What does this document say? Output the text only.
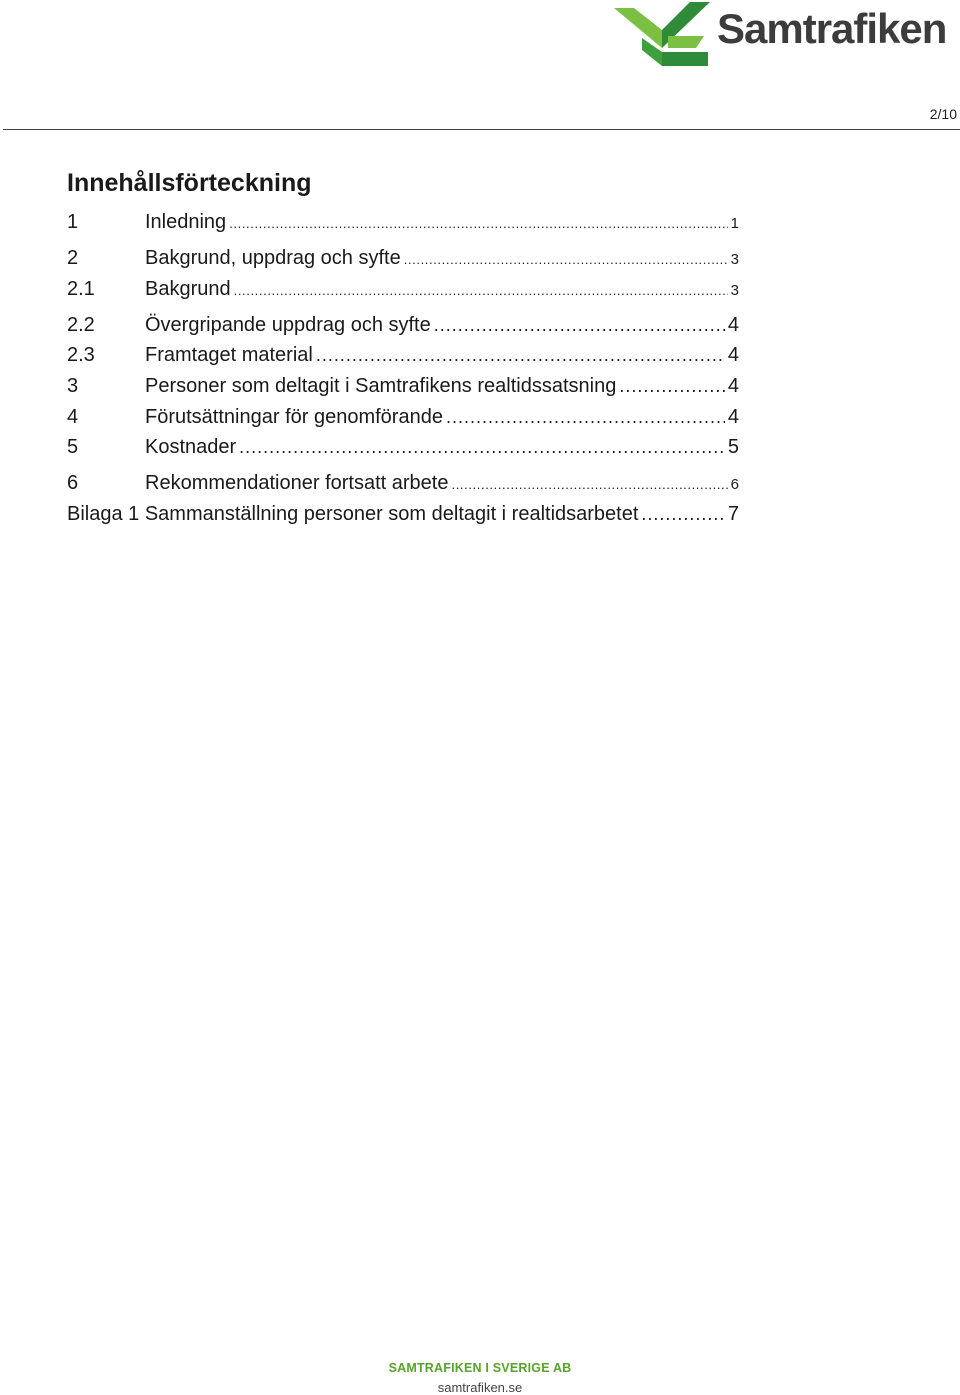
Samtrafiken
2/10
Innehållsförteckning
1	Inledning .....	1
2	Bakgrund, uppdrag och syfte .....	3
2.1	Bakgrund .....	3
2.2	Övergripande uppdrag och syfte .....	4
2.3	Framtaget material .....	4
3	Personer som deltagit i Samtrafikens realtidssatsning .....	4
4	Förutsättningar för genomförande .....	4
5	Kostnader .....	5
6	Rekommendationer fortsatt arbete .....	6
Bilaga 1 Sammanställning personer som deltagit i realtidsarbetet .....	7
SAMTRAFIKEN I SVERIGE AB
samtrafiken.se
